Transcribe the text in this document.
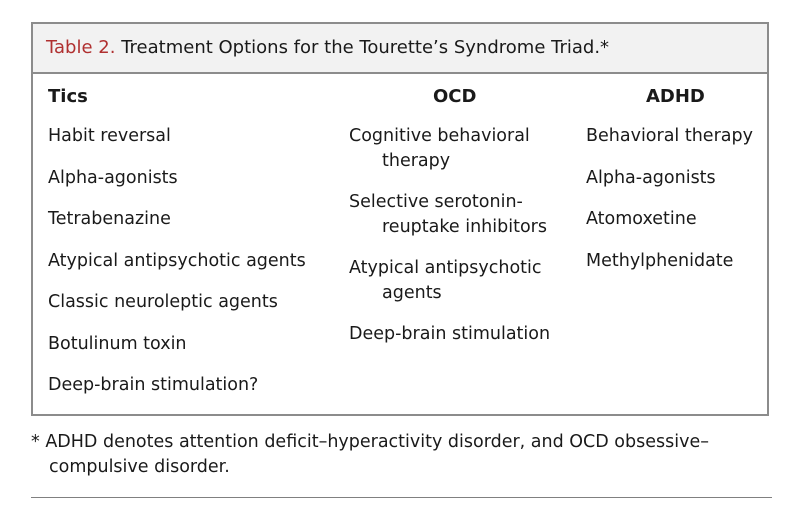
Table 2. Treatment Options for the Tourette’s Syndrome Triad.*
Tics	OCD	ADHD
Habit reversal
Alpha-agonists
Tetrabenazine
Atypical antipsychotic agents
Classic neuroleptic agents
Botulinum toxin
Deep-brain stimulation?
Cognitive behavioral therapy
Selective serotonin-reuptake inhibitors
Atypical antipsychotic agents
Deep-brain stimulation
Behavioral therapy
Alpha-agonists
Atomoxetine
Methylphenidate
* ADHD denotes attention deficit–hyperactivity disorder, and OCD obsessive–compulsive disorder.
